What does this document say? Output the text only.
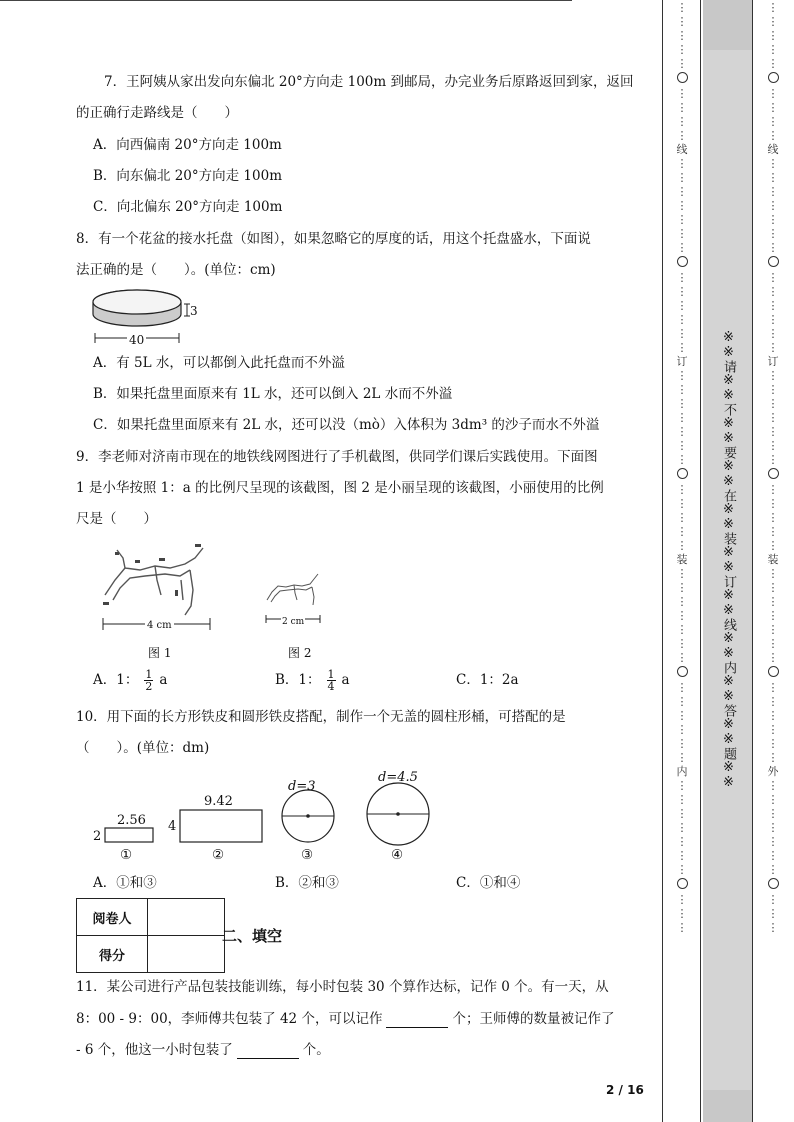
7．王阿姨从家出发向东偏北 20°方向走 100m 到邮局，办完业务后原路返回到家，返回
的正确行走路线是（　　）
A．向西偏南 20°方向走 100m
B．向东偏北 20°方向走 100m
C．向北偏东 20°方向走 100m
8．有一个花盆的接水托盘（如图），如果忽略它的厚度的话，用这个托盘盛水，下面说
法正确的是（　　）。(单位：cm)
3
40
A．有 5L 水，可以都倒入此托盘而不外溢
B．如果托盘里面原来有 1L 水，还可以倒入 2L 水而不外溢
C．如果托盘里面原来有 2L 水，还可以没（mò）入体积为 3dm³ 的沙子而水不外溢
9．李老师对济南市现在的地铁线网图进行了手机截图，供同学们课后实践使用。下面图
1 是小华按照 1：a 的比例尺呈现的该截图，图 2 是小丽呈现的该截图，小丽使用的比例
尺是（　　）
4 cm
图 1
2 cm
图 2
A．1： $\frac{1}{2}$ a	B．1： $\frac{1}{4}$ a	C．1：2a
10．用下面的长方形铁皮和圆形铁皮搭配，制作一个无盖的圆柱形桶，可搭配的是
（　　）。(单位：dm)
2.56
2
9.42
4
d=3
d=4.5
①	②	③	④
A．①和③	B．②和③	C．①和④
阅卷人	
得分	
二、填空
11．某公司进行产品包装技能训练，每小时包装 30 个算作达标，记作 0 个。有一天，从
8：00 - 9：00，李师傅共包装了 42 个，可以记作	个；王师傅的数量被记作了
- 6 个，他这一小时包装了	个。
2 / 16
⋮
⋮
⋮
⋮
⋮
⋮
⋮
⋮
⋮
线
⋮
⋮
⋮
⋮
⋮
⋮
⋮
⋮
⋮
⋮
⋮
⋮
⋮
订
⋮
⋮
⋮
⋮
⋮
⋮
⋮
⋮
⋮
⋮
⋮
⋮
装
⋮
⋮
⋮
⋮
⋮
⋮
⋮
⋮
⋮
⋮
⋮
⋮
⋮
内
⋮
⋮
⋮
⋮
⋮
⋮
⋮
⋮
⋮
⋮
※※请※※不※※要※※在※※装※※订※※线※※内※※答※※题※※
⋮
⋮
⋮
⋮
⋮
⋮
⋮
⋮
⋮
线
⋮
⋮
⋮
⋮
⋮
⋮
⋮
⋮
⋮
⋮
⋮
⋮
⋮
订
⋮
⋮
⋮
⋮
⋮
⋮
⋮
⋮
⋮
⋮
⋮
⋮
装
⋮
⋮
⋮
⋮
⋮
⋮
⋮
⋮
⋮
⋮
⋮
⋮
⋮
外
⋮
⋮
⋮
⋮
⋮
⋮
⋮
⋮
⋮
⋮
